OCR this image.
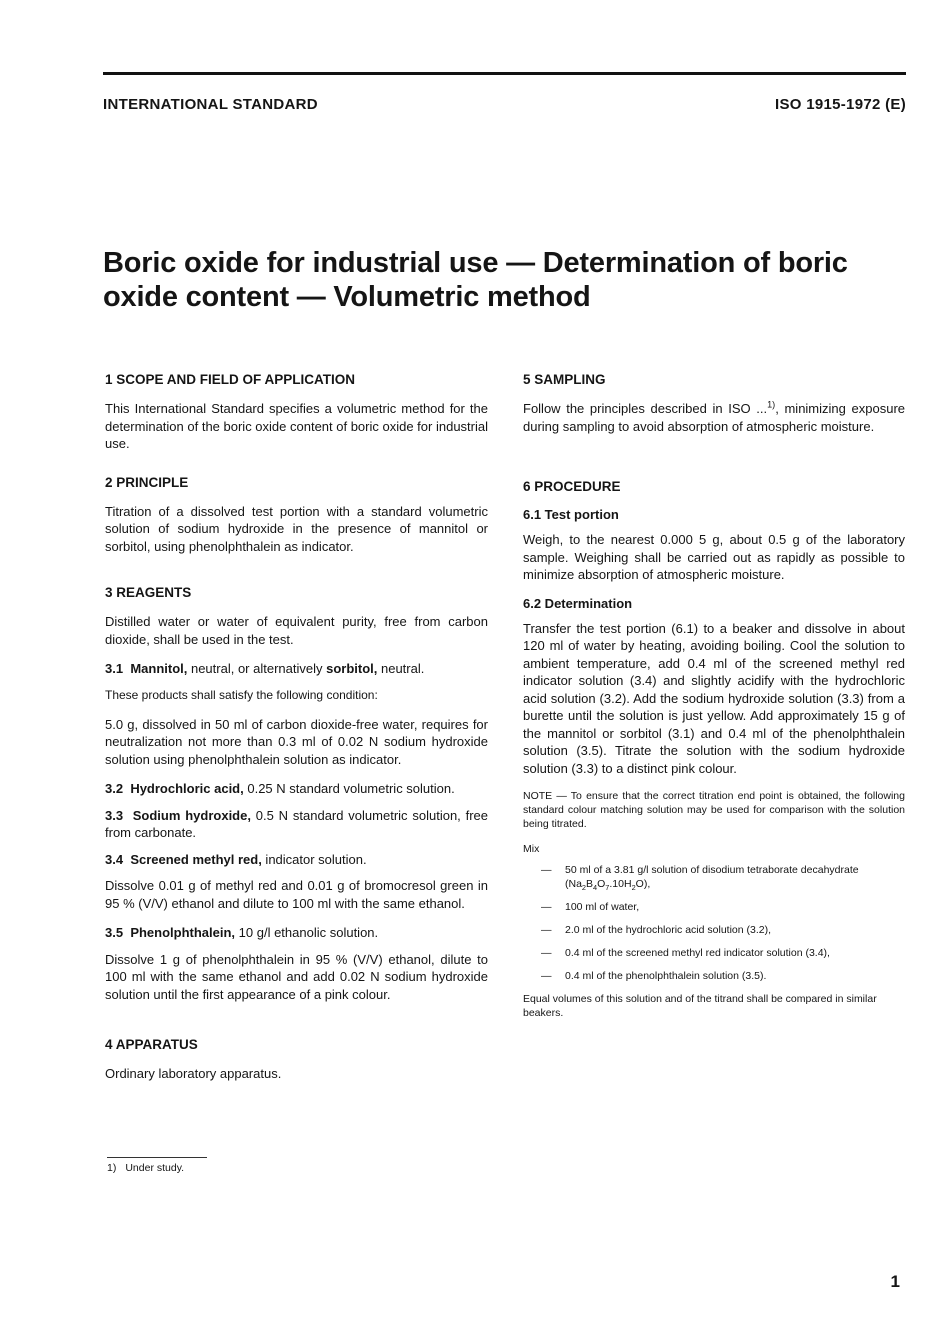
INTERNATIONAL STANDARD	ISO 1915-1972 (E)
Boric oxide for industrial use — Determination of boric oxide content — Volumetric method

1 SCOPE AND FIELD OF APPLICATION

This International Standard specifies a volumetric method for the determination of the boric oxide content of boric oxide for industrial use.

2 PRINCIPLE

Titration of a dissolved test portion with a standard volumetric solution of sodium hydroxide in the presence of mannitol or sorbitol, using phenolphthalein as indicator.

3 REAGENTS

Distilled water or water of equivalent purity, free from carbon dioxide, shall be used in the test.

3.1 Mannitol, neutral, or alternatively sorbitol, neutral.

These products shall satisfy the following condition:

5.0 g, dissolved in 50 ml of carbon dioxide-free water, requires for neutralization not more than 0.3 ml of 0.02 N sodium hydroxide solution using phenolphthalein solution as indicator.

3.2 Hydrochloric acid, 0.25 N standard volumetric solution.

3.3 Sodium hydroxide, 0.5 N standard volumetric solution, free from carbonate.

3.4 Screened methyl red, indicator solution.

Dissolve 0.01 g of methyl red and 0.01 g of bromocresol green in 95 % (V/V) ethanol and dilute to 100 ml with the same ethanol.

3.5 Phenolphthalein, 10 g/l ethanolic solution.

Dissolve 1 g of phenolphthalein in 95 % (V/V) ethanol, dilute to 100 ml with the same ethanol and add 0.02 N sodium hydroxide solution until the first appearance of a pink colour.

4 APPARATUS

Ordinary laboratory apparatus.

5 SAMPLING

Follow the principles described in ISO ...$^{1)}$, minimizing exposure during sampling to avoid absorption of atmospheric moisture.

6 PROCEDURE

6.1 Test portion

Weigh, to the nearest 0.000 5 g, about 0.5 g of the laboratory sample. Weighing shall be carried out as rapidly as possible to minimize absorption of atmospheric moisture.

6.2 Determination

Transfer the test portion (6.1) to a beaker and dissolve in about 120 ml of water by heating, avoiding boiling. Cool the solution to ambient temperature, add 0.4 ml of the screened methyl red indicator solution (3.4) and slightly acidify with the hydrochloric acid solution (3.2). Add the sodium hydroxide solution (3.3) from a burette until the solution is just yellow. Add approximately 15 g of the mannitol or sorbitol (3.1) and 0.4 ml of the phenolphthalein solution (3.5). Titrate the solution with the sodium hydroxide solution (3.3) to a distinct pink colour.

NOTE — To ensure that the correct titration end point is obtained, the following standard colour matching solution may be used for comparison with the solution being titrated.

Mix

— 50 ml of a 3.81 g/l solution of disodium tetraborate decahydrate $(Na_2B_4O_7.10H_2O)$,
— 100 ml of water,
— 2.0 ml of the hydrochloric acid solution (3.2),
— 0.4 ml of the screened methyl red indicator solution (3.4),
— 0.4 ml of the phenolphthalein solution (3.5).

Equal volumes of this solution and of the titrand shall be compared in similar beakers.

1) Under study.
1
